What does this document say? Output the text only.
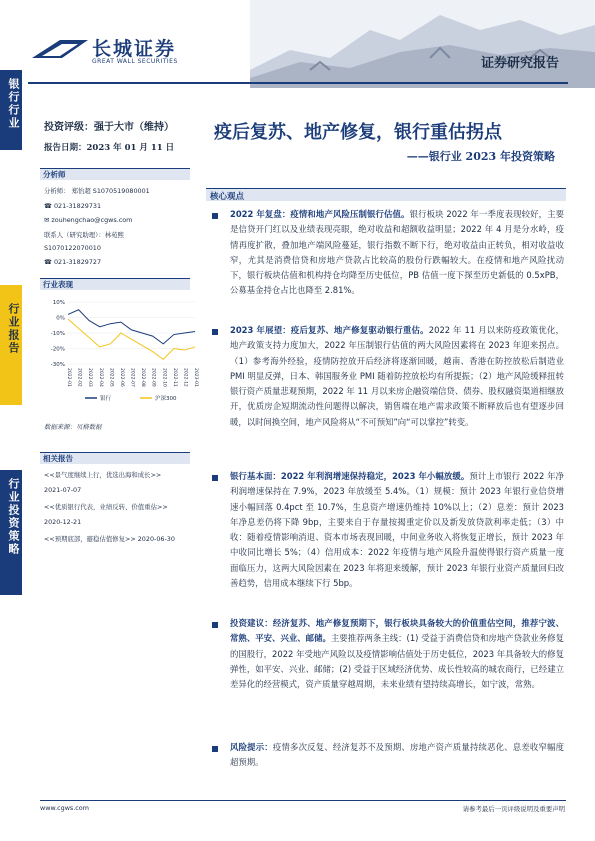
长城证券
GREAT WALL SECURITIES	证券研究报告
银行行业
行业报告
行业投资策略
投资评级：强于大市（维持）
报告日期：2023 年 01 月 11 日
分析师
分析师： 郑怡超 S1070519080001
☎ 021-31829731
✉ zouhengchao@cgws.com
联系人（研究助理）：林苑熙
S1070122070010
☎ 021-31829727
行业表现
10%
0%
-10%
-20%
-30%
2022-01 2022-02 2022-03 2022-04 2022-05 2022-06 2022-07 2022-08 2022-09 2022-10 2022-11 2022-12 2023-01
银行	沪深300
数据来源：贝格数据
相关报告
<<景气度继续上行，优选出海和成长>>
2021-07-07
<<优质银行代表，业绩反转、价值重估>>
2020-12-21
<<预期底部，避稳估值修复>> 2020-06-30
疫后复苏、地产修复，银行重估拐点
——银行业 2023 年投资策略
核心观点
2022 年复盘：疫情和地产风险压制银行估值。银行板块 2022 年一季度表现较好，主要是信贷开门红以及业绩表现亮眼，绝对收益和超额收益明显；2022 年 4 月是分水岭，疫情再度扩散，叠加地产端风险蔓延，银行指数不断下行，绝对收益由正转负，相对收益收窄，尤其是消费信贷和房地产贷款占比较高的股份行跌幅较大。在疫情和地产风险扰动下，银行板块估值和机构持仓均降至历史低位，PB 估值一度下探至历史新低的 0.5xPB，公募基金持仓占比也降至 2.81%。
2023 年展望：疫后复苏、地产修复驱动银行重估。2022 年 11 月以来防疫政策优化，地产政策支持力度加大，2022 年压制银行估值的两大风险因素将在 2023 年迎来拐点。（1）参考海外经验，疫情防控放开后经济将逐渐回暖，越南、香港在防控放松后制造业 PMI 明显反弹，日本、韩国服务业 PMI 随着防控放松均有所提振；（2）地产风险缓释扭转银行资产质量悲观预期，2022 年 11 月以来房企融资端信贷、债券、股权融资渠道相继放开，优质房企短期流动性问题得以解决，销售端在地产需求政策不断释放后也有望逐步回暖，以时间换空间，地产风险将从“不可预知”向“可以掌控”转变。
银行基本面：2022 年利润增速保持稳定，2023 年小幅放缓。预计上市银行 2022 年净利润增速保持在 7.9%，2023 年放缓至 5.4%。（1）规模：预计 2023 年银行业信贷增速小幅回落 0.4pct 至 10.7%，生息资产增速仍维持 10%以上；（2）息差：预计 2023 年净息差仍将下降 9bp，主要来自于存量按揭重定价以及新发放贷款利率走低；（3）中收：随着疫情影响消退、资本市场表现回暖，中间业务收入将恢复正增长，预计 2023 年中收同比增长 5%；（4）信用成本：2022 年疫情与地产风险升温使得银行资产质量一度面临压力，这两大风险因素在 2023 年将迎来缓解，预计 2023 年银行业资产质量回归改善趋势，信用成本继续下行 5bp。
投资建议：经济复苏、地产修复预期下，银行板块具备较大的价值重估空间，推荐宁波、常熟、平安、兴业、邮储。主要推荐两条主线：(1) 受益于消费信贷和房地产贷款业务修复的国股行，2022 年受地产风险以及疫情影响估值处于历史低位，2023 年具备较大的修复弹性，如平安、兴业、邮储；(2) 受益于区域经济优势、成长性较高的城农商行，已经建立差异化的经营模式，资产质量穿越周期，未来业绩有望持续高增长，如宁波，常熟。
风险提示：疫情多次反复、经济复苏不及预期、房地产资产质量持续恶化、息差收窄幅度超预期。
www.cgws.com	请参考最后一页评级说明及重要声明
